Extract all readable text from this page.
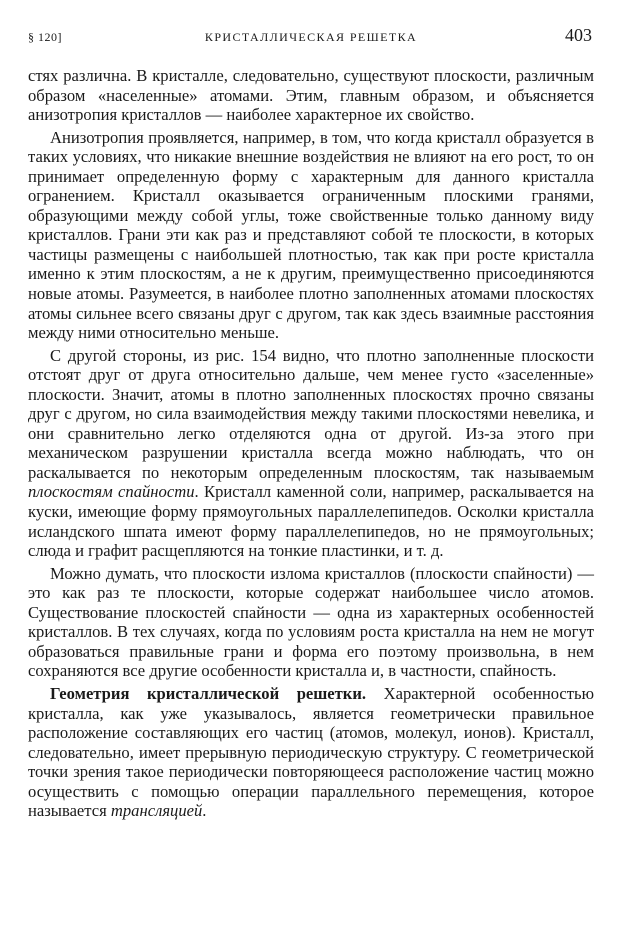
§ 120]	КРИСТАЛЛИЧЕСКАЯ РЕШЕТКА	403

стях различна. В кристалле, следовательно, существуют плоскости, различным образом «населенные» атомами. Этим, главным образом, и объясняется анизотропия кристаллов — наиболее характерное их свойство.

Анизотропия проявляется, например, в том, что когда кристалл образуется в таких условиях, что никакие внешние воздействия не влияют на его рост, то он принимает определенную форму с характерным для данного кристалла огранением. Кристалл оказывается ограниченным плоскими гранями, образующими между собой углы, тоже свойственные только данному виду кристаллов. Грани эти как раз и представляют собой те плоскости, в которых частицы размещены с наибольшей плотностью, так как при росте кристалла именно к этим плоскостям, а не к другим, преимущественно присоединяются новые атомы. Разумеется, в наиболее плотно заполненных атомами плоскостях атомы сильнее всего связаны друг с другом, так как здесь взаимные расстояния между ними относительно меньше.

С другой стороны, из рис. 154 видно, что плотно заполненные плоскости отстоят друг от друга относительно дальше, чем менее густо «заселенные» плоскости. Значит, атомы в плотно заполненных плоскостях прочно связаны друг с другом, но сила взаимодействия между такими плоскостями невелика, и они сравнительно легко отделяются одна от другой. Из-за этого при механическом разрушении кристалла всегда можно наблюдать, что он раскалывается по некоторым определенным плоскостям, так называемым плоскостям спайности. Кристалл каменной соли, например, раскалывается на куски, имеющие форму прямоугольных параллелепипедов. Осколки кристалла исландского шпата имеют форму параллелепипедов, но не прямоугольных; слюда и графит расщепляются на тонкие пластинки, и т. д.

Можно думать, что плоскости излома кристаллов (плоскости спайности) — это как раз те плоскости, которые содержат наибольшее число атомов. Существование плоскостей спайности — одна из характерных особенностей кристаллов. В тех случаях, когда по условиям роста кристалла на нем не могут образоваться правильные грани и форма его поэтому произвольна, в нем сохраняются все другие особенности кристалла и, в частности, спайность.

Геометрия кристаллической решетки. Характерной особенностью кристалла, как уже указывалось, является геометрически правильное расположение составляющих его частиц (атомов, молекул, ионов). Кристалл, следовательно, имеет прерывную периодическую структуру. С геометрической точки зрения такое периодически повторяющееся расположение частиц можно осуществить с помощью операции параллельного перемещения, которое называется трансляцией.
